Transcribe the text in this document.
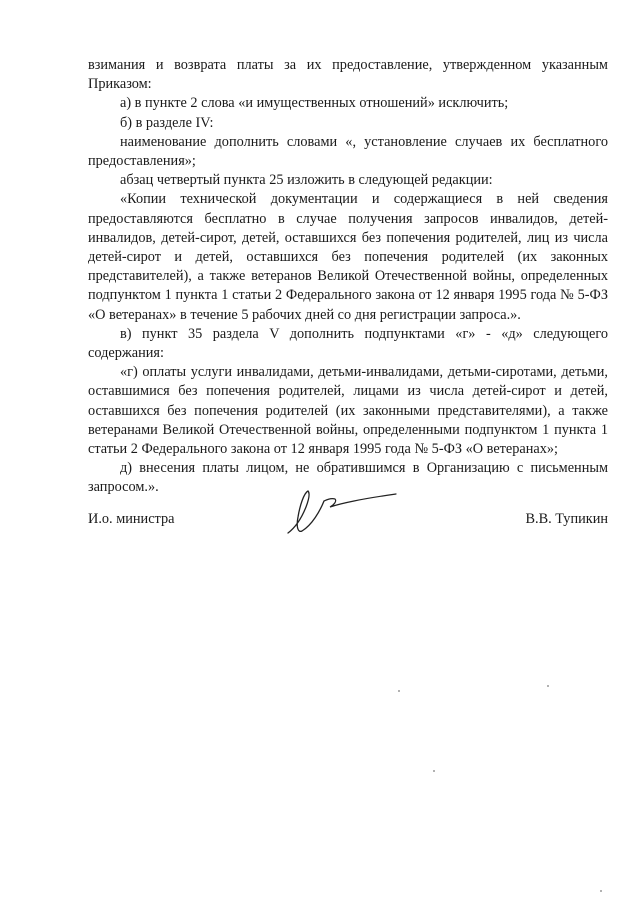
взимания и возврата платы за их предоставление, утвержденном указанным Приказом:

а) в пункте 2 слова «и имущественных отношений» исключить;

б) в разделе IV:

наименование дополнить словами «, установление случаев их бесплатного предоставления»;

абзац четвертый пункта 25 изложить в следующей редакции:

«Копии технической документации и содержащиеся в ней сведения предоставляются бесплатно в случае получения запросов инвалидов, детей-инвалидов, детей-сирот, детей, оставшихся без попечения родителей, лиц из числа детей-сирот и детей, оставшихся без попечения родителей (их законных представителей), а также ветеранов Великой Отечественной войны, определенных подпунктом 1 пункта 1 статьи 2 Федерального закона от 12 января 1995 года № 5-ФЗ «О ветеранах» в течение 5 рабочих дней со дня регистрации запроса.».

в) пункт 35 раздела V дополнить подпунктами «г» - «д» следующего содержания:

«г) оплаты услуги инвалидами, детьми-инвалидами, детьми-сиротами, детьми, оставшимися без попечения родителей, лицами из числа детей-сирот и детей, оставшихся без попечения родителей (их законными представителями), а также ветеранами Великой Отечественной войны, определенными подпунктом 1 пункта 1 статьи 2 Федерального закона от 12 января 1995 года № 5-ФЗ «О ветеранах»;

д) внесения платы лицом, не обратившимся в Организацию с письменным запросом.».

И.о. министра	В.В. Тупикин
